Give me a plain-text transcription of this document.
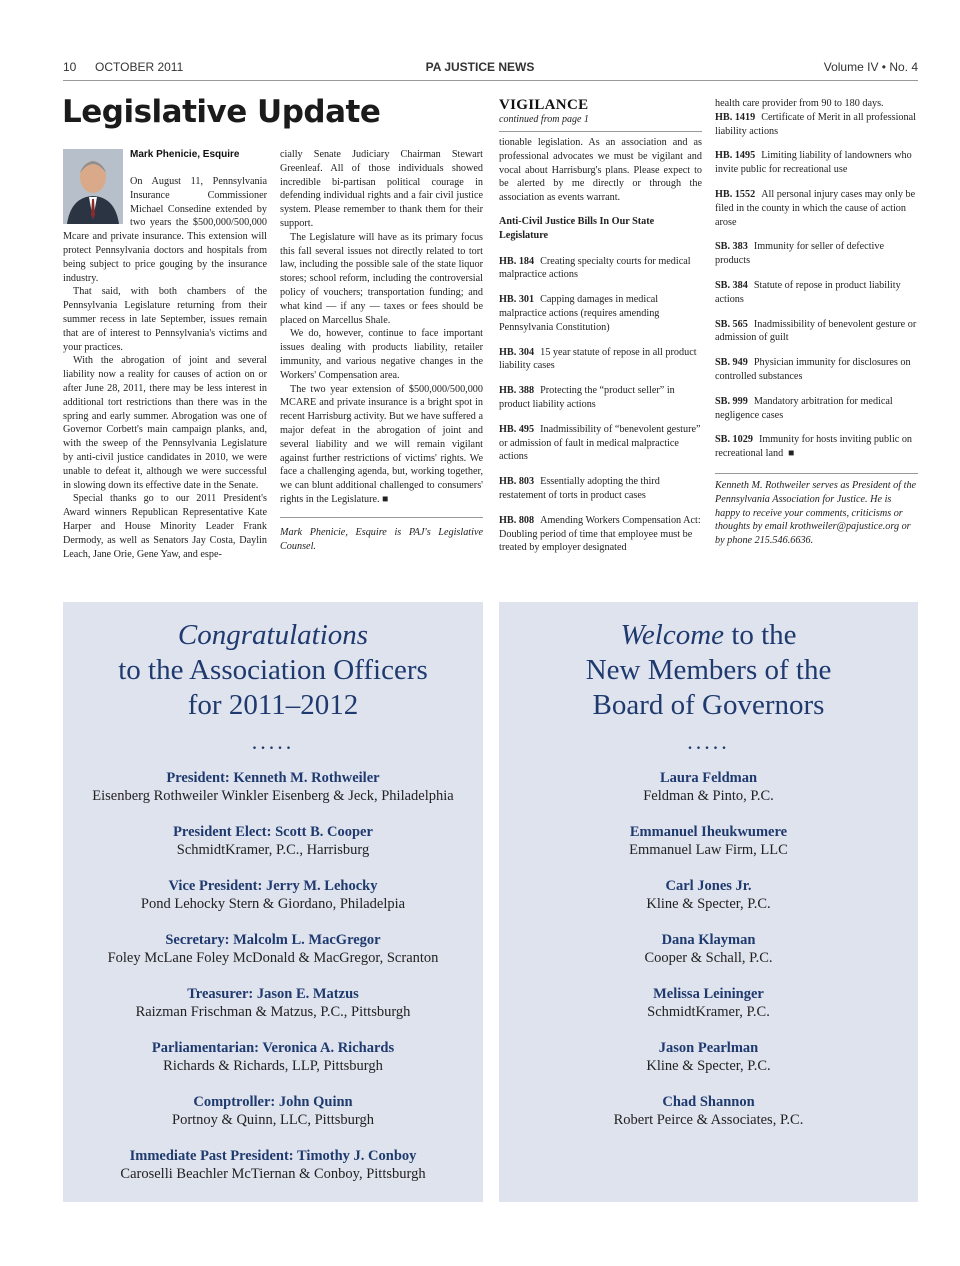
10 OCTOBER 2011	PA JUSTICE NEWS	Volume IV • No. 4
Legislative Update
Mark Phenicie, Esquire

On August 11, Pennsylvania Insurance Commissioner Michael Consedine extended by two years the $500,000/500,000 Mcare and private insurance. This extension will protect Pennsylvania doctors and hospitals from being subject to price gouging by the insurance industry.

That said, with both chambers of the Pennsylvania Legislature returning from their summer recess in late September, issues remain that are of interest to Pennsylvania's victims and your practices.

With the abrogation of joint and several liability now a reality for causes of action on or after June 28, 2011, there may be less interest in additional tort restrictions than there was in the spring and early summer. Abrogation was one of Governor Corbett's main campaign planks, and, with the sweep of the Pennsylvania Legislature by anti-civil justice candidates in 2010, we were unable to defeat it, although we were successful in slowing down its effective date in the Senate.

Special thanks go to our 2011 President's Award winners Republican Representative Kate Harper and House Minority Leader Frank Dermody, as well as Senators Jay Costa, Daylin Leach, Jane Orie, Gene Yaw, and espe-

cially Senate Judiciary Chairman Stewart Greenleaf. All of those individuals showed incredible bi-partisan political courage in defending individual rights and a fair civil justice system. Please remember to thank them for their support.

The Legislature will have as its primary focus this fall several issues not directly related to tort law, including the possible sale of the state liquor stores; school reform, including the controversial policy of vouchers; transportation funding; and what kind — if any — taxes or fees should be placed on Marcellus Shale.

We do, however, continue to face important issues dealing with products liability, retailer immunity, and various negative changes in the Workers' Compensation area.

The two year extension of $500,000/500,000 MCARE and private insurance is a bright spot in recent Harrisburg activity. But we have suffered a major defeat in the abrogation of joint and several liability and we will remain vigilant against further restrictions of victims' rights. We face a challenging agenda, but, working together, we can blunt additional challenged to consumers' rights in the Legislature. ■

Mark Phenicie, Esquire is PAJ's Legislative Counsel.

VIGILANCE
continued from page 1

tionable legislation. As an association and as professional advocates we must be vigilant and vocal about Harrisburg's plans. Please expect to be alerted by me directly or through the association as events warrant.

Anti-Civil Justice Bills In Our State Legislature

HB. 184 Creating specialty courts for medical malpractice actions

HB. 301 Capping damages in medical malpractice actions (requires amending Pennsylvania Constitution)

HB. 304 15 year statute of repose in all product liability cases

HB. 388 Protecting the “product seller” in product liability actions

HB. 495 Inadmissibility of “benevolent gesture” or admission of fault in medical malpractice actions

HB. 803 Essentially adopting the third restatement of torts in product cases

HB. 808 Amending Workers Compensation Act: Doubling period of time that employee must be treated by employer designated

health care provider from 90 to 180 days.

HB. 1419 Certificate of Merit in all professional liability actions

HB. 1495 Limiting liability of landowners who invite public for recreational use

HB. 1552 All personal injury cases may only be filed in the county in which the cause of action arose

SB. 383 Immunity for seller of defective products

SB. 384 Statute of repose in product liability actions

SB. 565 Inadmissibility of benevolent gesture or admission of guilt

SB. 949 Physician immunity for disclosures on controlled substances

SB. 999 Mandatory arbitration for medical negligence cases

SB. 1029 Immunity for hosts inviting public on recreational land ■

Kenneth M. Rothweiler serves as President of the Pennsylvania Association for Justice. He is happy to receive your comments, criticisms or thoughts by email krothweiler@pajustice.org or by phone 215.546.6636.

Congratulations
to the Association Officers
for 2011–2012
.....
President: Kenneth M. Rothweiler
Eisenberg Rothweiler Winkler Eisenberg & Jeck, Philadelphia
President Elect: Scott B. Cooper
SchmidtKramer, P.C., Harrisburg
Vice President: Jerry M. Lehocky
Pond Lehocky Stern & Giordano, Philadelpia
Secretary: Malcolm L. MacGregor
Foley McLane Foley McDonald & MacGregor, Scranton
Treasurer: Jason E. Matzus
Raizman Frischman & Matzus, P.C., Pittsburgh
Parliamentarian: Veronica A. Richards
Richards & Richards, LLP, Pittsburgh
Comptroller: John Quinn
Portnoy & Quinn, LLC, Pittsburgh
Immediate Past President: Timothy J. Conboy
Caroselli Beachler McTiernan & Conboy, Pittsburgh
Welcome to the
New Members of the
Board of Governors
.....
Laura Feldman
Feldman & Pinto, P.C.
Emmanuel Iheukwumere
Emmanuel Law Firm, LLC
Carl Jones Jr.
Kline & Specter, P.C.
Dana Klayman
Cooper & Schall, P.C.
Melissa Leininger
SchmidtKramer, P.C.
Jason Pearlman
Kline & Specter, P.C.
Chad Shannon
Robert Peirce & Associates, P.C.
